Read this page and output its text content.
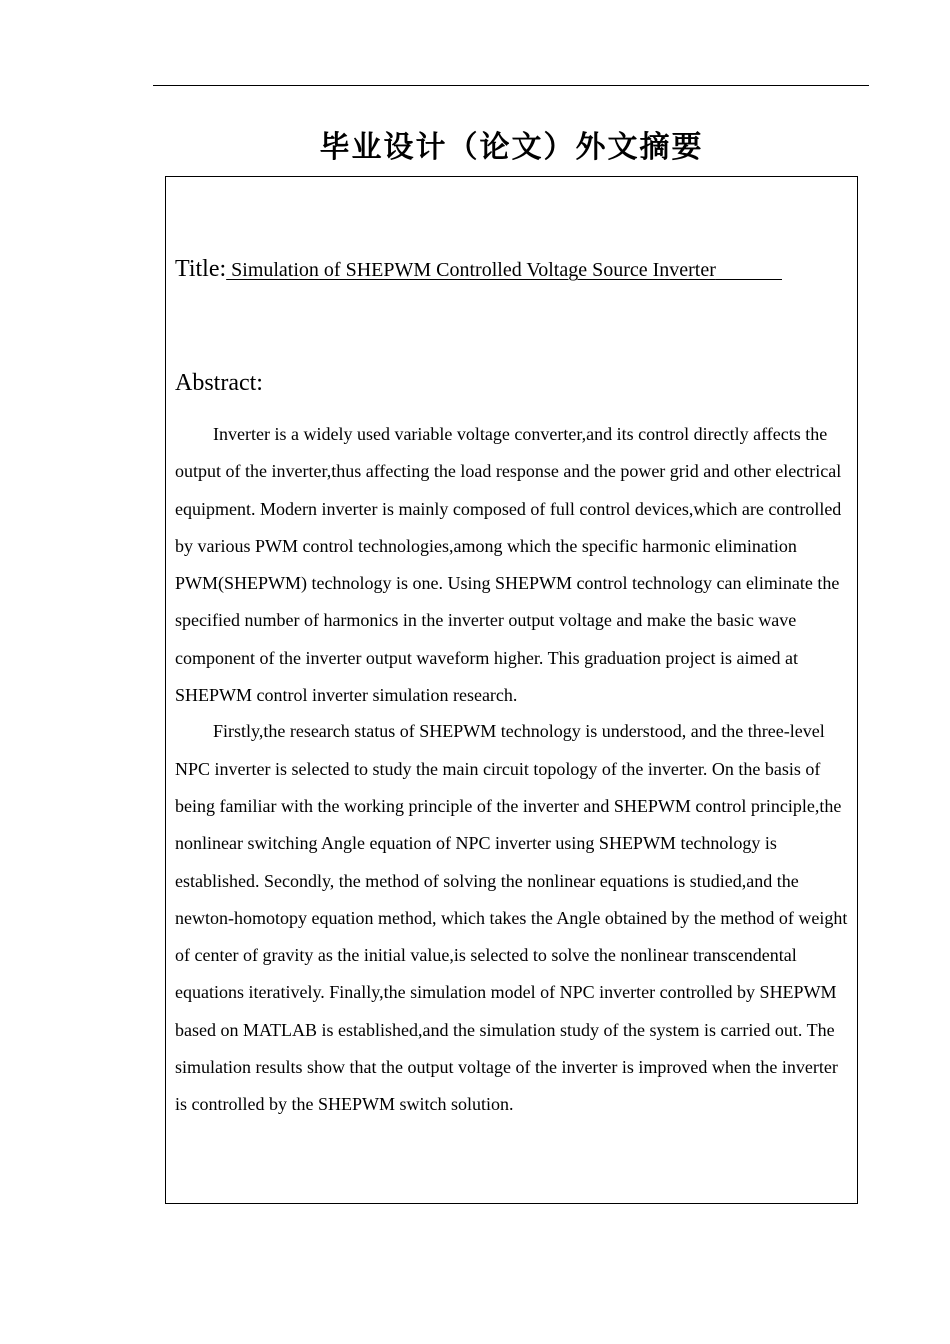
毕业设计（论文）外文摘要
Title: Simulation of SHEPWM Controlled Voltage Source Inverter
Abstract:

Inverter is a widely used variable voltage converter,and its control directly affects the output of the inverter,thus affecting the load response and the power grid and other electrical equipment. Modern inverter is mainly composed of full control devices,which are controlled by various PWM control technologies,among which the specific harmonic elimination PWM(SHEPWM) technology is one. Using SHEPWM control technology can eliminate the specified number of harmonics in the inverter output voltage and make the basic wave component of the inverter output waveform higher. This graduation project is aimed at SHEPWM control inverter simulation research.

Firstly,the research status of SHEPWM technology is understood, and the three-level NPC inverter is selected to study the main circuit topology of the inverter. On the basis of being familiar with the working principle of the inverter and SHEPWM control principle,the nonlinear switching Angle equation of NPC inverter using SHEPWM technology is established. Secondly, the method of solving the nonlinear equations is studied,and the newton-homotopy equation method, which takes the Angle obtained by the method of weight of center of gravity as the initial value,is selected to solve the nonlinear transcendental equations iteratively. Finally,the simulation model of NPC inverter controlled by SHEPWM based on MATLAB is established,and the simulation study of the system is carried out. The simulation results show that the output voltage of the inverter is improved when the inverter is controlled by the SHEPWM switch solution.
